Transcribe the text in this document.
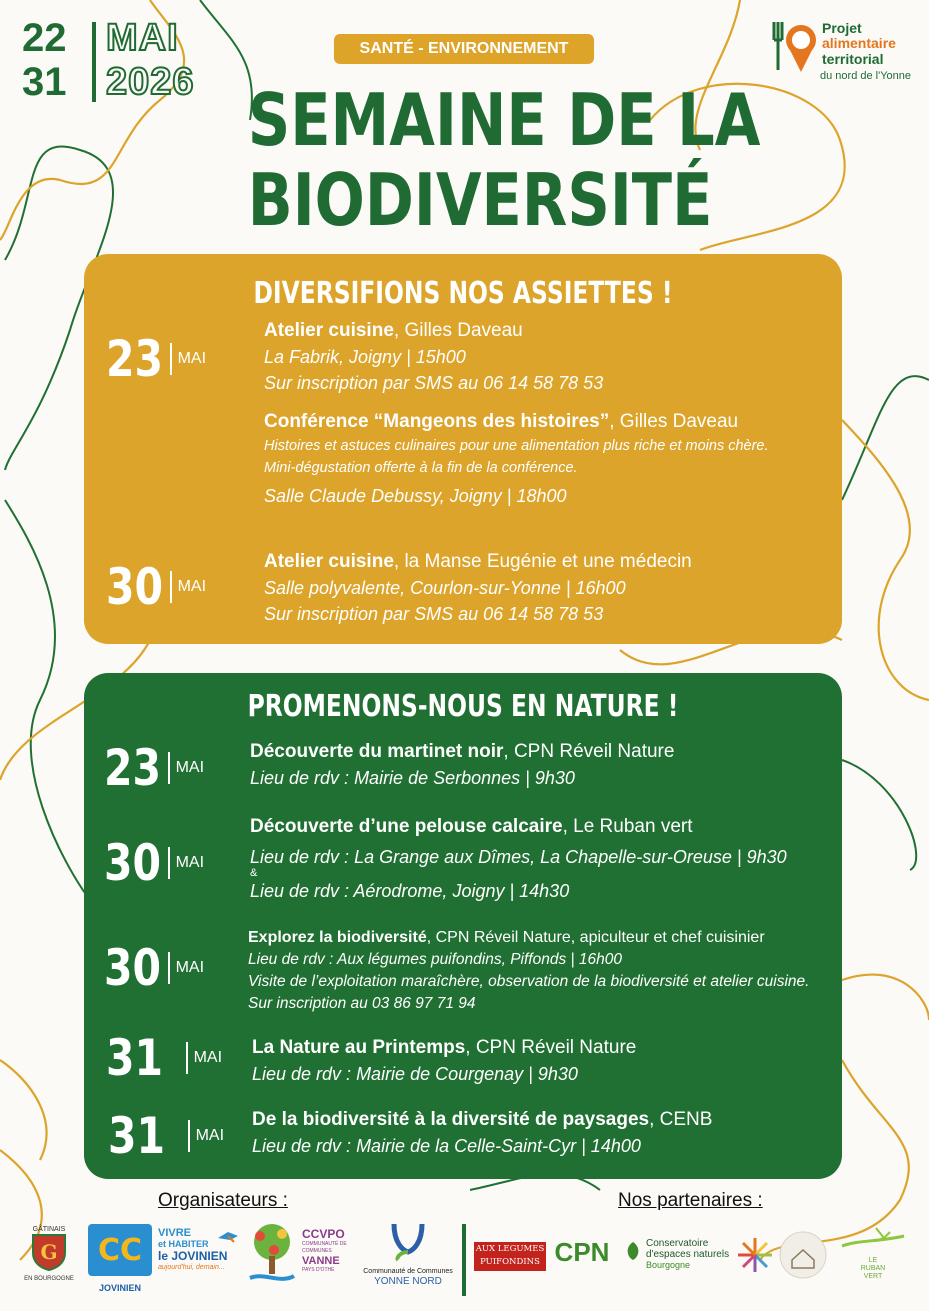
22
31
MAI
2026
SANTÉ - ENVIRONNEMENT
SEMAINE DE LA
BIODIVERSITÉ
Projet
alimentaire
territorial
du nord de l'Yonne
DIVERSIFIONS NOS ASSIETTES !
23 MAI
Atelier cuisine, Gilles Daveau
La Fabrik, Joigny | 15h00
Sur inscription par SMS au 06 14 58 78 53
Conférence “Mangeons des histoires”, Gilles Daveau
Histoires et astuces culinaires pour une alimentation plus riche et moins chère.
Mini-dégustation offerte à la fin de la conférence.
Salle Claude Debussy, Joigny | 18h00
30 MAI
Atelier cuisine, la Manse Eugénie et une médecin
Salle polyvalente, Courlon-sur-Yonne | 16h00
Sur inscription par SMS au 06 14 58 78 53
PROMENONS-NOUS EN NATURE !
23 MAI
Découverte du martinet noir, CPN Réveil Nature
Lieu de rdv : Mairie de Serbonnes | 9h30
30 MAI
Découverte d’une pelouse calcaire, Le Ruban vert
Lieu de rdv : La Grange aux Dîmes, La Chapelle-sur-Oreuse | 9h30
&
Lieu de rdv : Aérodrome, Joigny | 14h30
30 MAI
Explorez la biodiversité, CPN Réveil Nature, apiculteur et chef cuisinier
Lieu de rdv : Aux légumes puifondins, Piffonds | 16h00
Visite de l’exploitation maraîchère, observation de la biodiversité et atelier cuisine. Sur inscription au 03 86 97 71 94
31 MAI La Nature au Printemps, CPN Réveil Nature
Lieu de rdv : Mairie de Courgenay | 9h30
31 MAI
De la biodiversité à la diversité de paysages, CENB
Lieu de rdv : Mairie de la Celle-Saint-Cyr | 14h00
Organisateurs :	Nos partenaires :
GÂTINAIS
G
EN BOURGOGNE
CC
JOVINIEN
VIVRE
et HABITER
le JOVINIEN
aujourd'hui, demain...
CCVPO
COMMUNAUTÉ DE COMMUNES
VANNE
PAYS D'OTHE	Communauté de Communes
YONNE NORD
AUX LEGUMES
PUIFONDINS CPN	Conservatoire
d'espaces naturels
Bourgogne	LE
RUBAN
VERT
